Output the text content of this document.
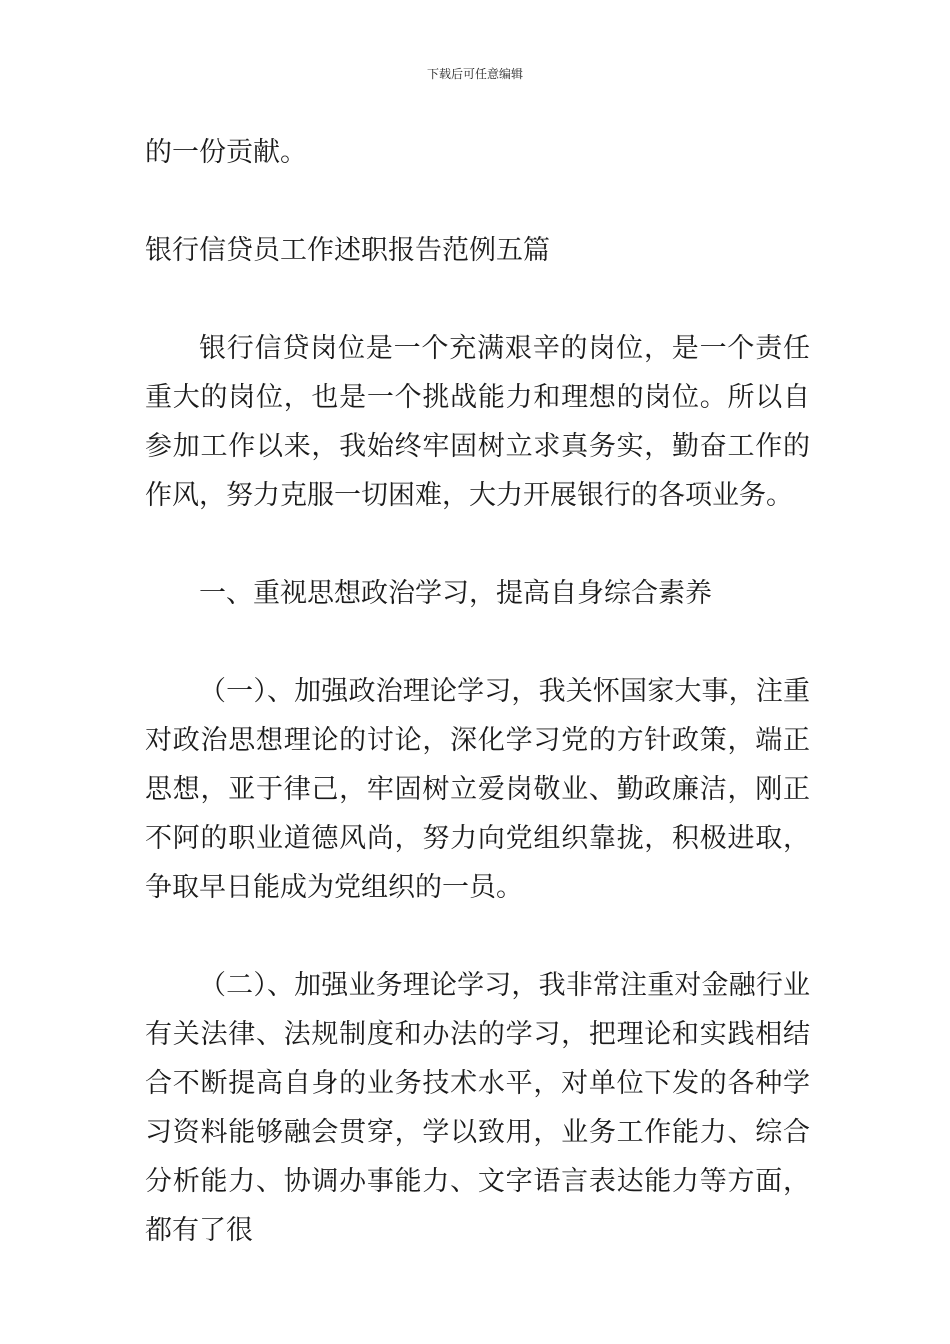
下载后可任意编辑

的一份贡献。

银行信贷员工作述职报告范例五篇

银行信贷岗位是一个充满艰辛的岗位，是一个责任重大的岗位，也是一个挑战能力和理想的岗位。所以自参加工作以来，我始终牢固树立求真务实，勤奋工作的作风，努力克服一切困难，大力开展银行的各项业务。

一、重视思想政治学习，提高自身综合素养

（一）、加强政治理论学习，我关怀国家大事，注重对政治思想理论的讨论，深化学习党的方针政策，端正思想，亚于律己，牢固树立爱岗敬业、勤政廉洁，刚正不阿的职业道德风尚，努力向党组织靠拢，积极进取，争取早日能成为党组织的一员。

（二）、加强业务理论学习，我非常注重对金融行业有关法律、法规制度和办法的学习，把理论和实践相结合不断提高自身的业务技术水平，对单位下发的各种学习资料能够融会贯穿，学以致用，业务工作能力、综合分析能力、协调办事能力、文字语言表达能力等方面，都有了很
